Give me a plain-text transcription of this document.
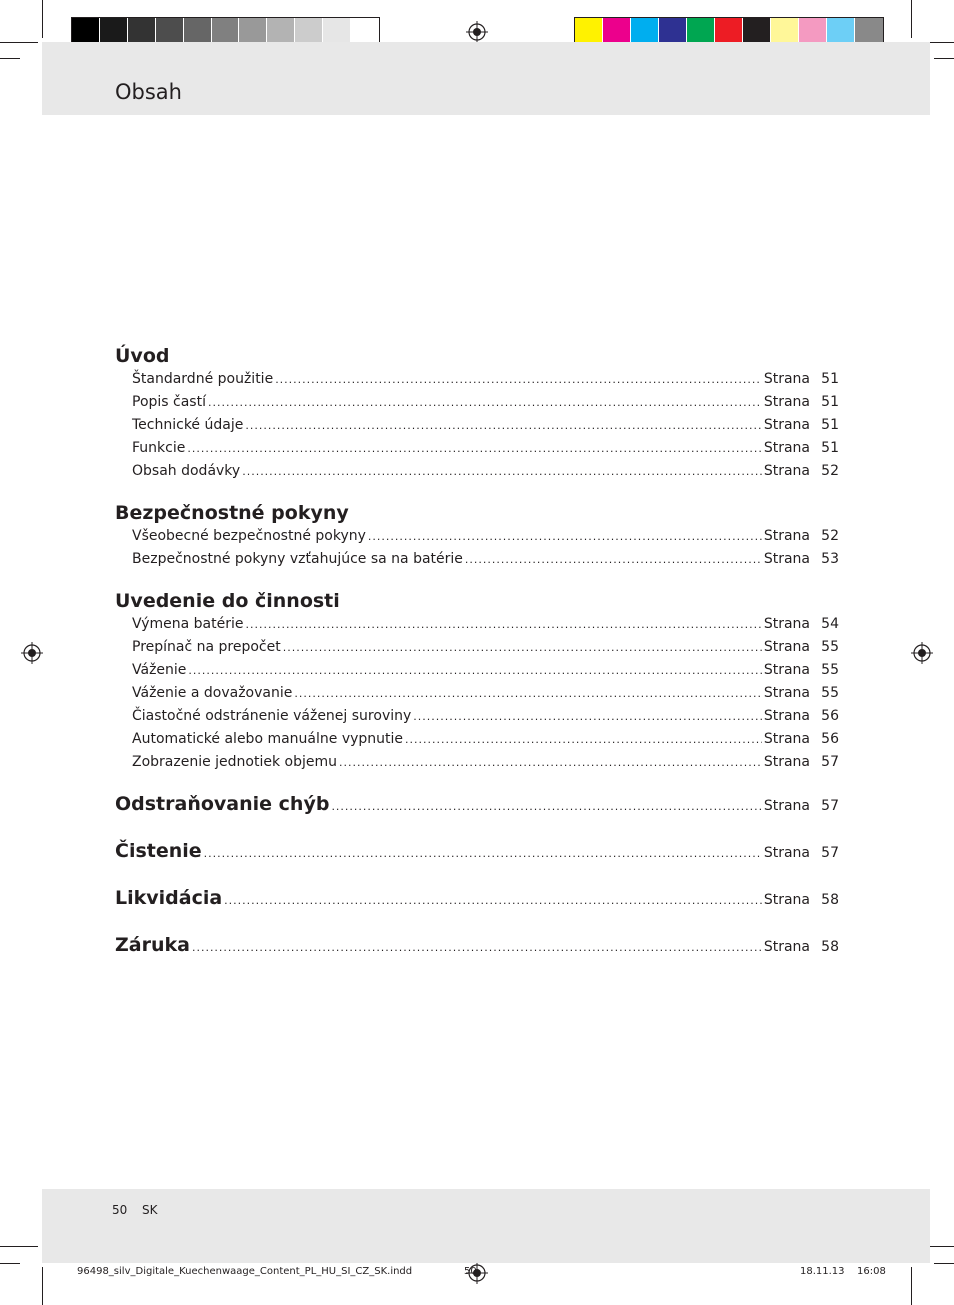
Obsah
Úvod
Štandardné použitie .....	Strana 51
Popis častí .....	Strana 51
Technické údaje .....	Strana 51
Funkcie .....	Strana 51
Obsah dodávky .....	Strana 52
Bezpečnostné pokyny
Všeobecné bezpečnostné pokyny .....	Strana 52
Bezpečnostné pokyny vzťahujúce sa na batérie .....	Strana 53
Uvedenie do činnosti
Výmena batérie .....	Strana 54
Prepínač na prepočet .....	Strana 55
Váženie .....	Strana 55
Váženie a dovažovanie .....	Strana 55
Čiastočné odstránenie váženej suroviny .....	Strana 56
Automatické alebo manuálne vypnutie .....	Strana 56
Zobrazenie jednotiek objemu .....	Strana 57
Odstraňovanie chýb .....	Strana 57
Čistenie .....	Strana 57
Likvidácia .....	Strana 58
Záruka .....	Strana 58
50 SK
96498_silv_Digitale_Kuechenwaage_Content_PL_HU_SI_CZ_SK.indd	50	18.11.13 16:08
